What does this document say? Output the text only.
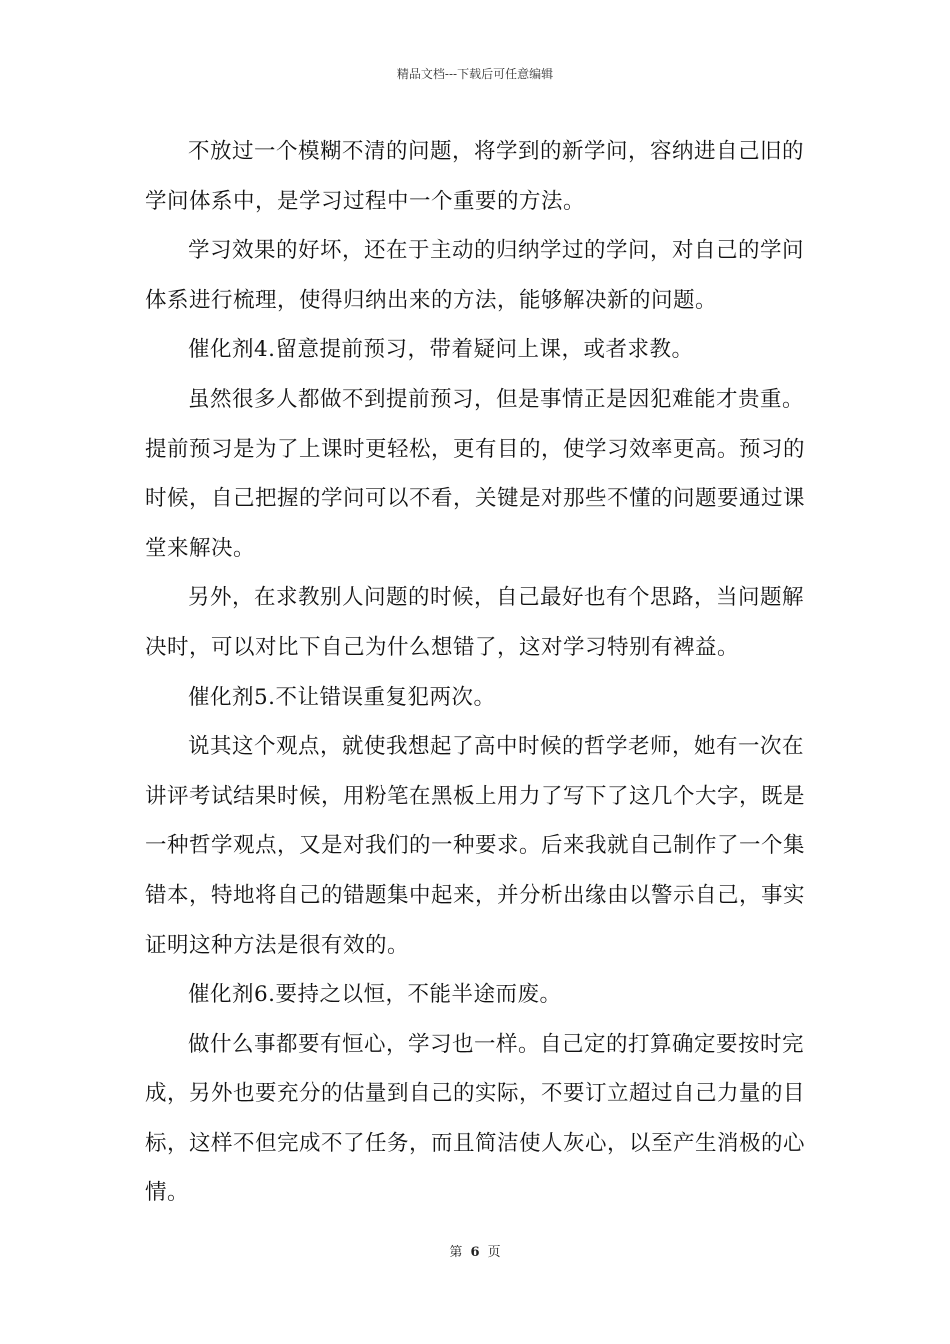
精品文档---下载后可任意编辑

不放过一个模糊不清的问题，将学到的新学问，容纳进自己旧的学问体系中，是学习过程中一个重要的方法。

学习效果的好坏，还在于主动的归纳学过的学问，对自己的学问体系进行梳理，使得归纳出来的方法，能够解决新的问题。

催化剂4.留意提前预习，带着疑问上课，或者求教。

虽然很多人都做不到提前预习，但是事情正是因犯难能才贵重。提前预习是为了上课时更轻松，更有目的，使学习效率更高。预习的时候，自己把握的学问可以不看，关键是对那些不懂的问题要通过课堂来解决。

另外，在求教别人问题的时候，自己最好也有个思路，当问题解决时，可以对比下自己为什么想错了，这对学习特别有裨益。

催化剂5.不让错误重复犯两次。

说其这个观点，就使我想起了高中时候的哲学老师，她有一次在讲评考试结果时候，用粉笔在黑板上用力了写下了这几个大字，既是一种哲学观点，又是对我们的一种要求。后来我就自己制作了一个集错本，特地将自己的错题集中起来，并分析出缘由以警示自己，事实证明这种方法是很有效的。

催化剂6.要持之以恒，不能半途而废。

做什么事都要有恒心，学习也一样。自己定的打算确定要按时完成，另外也要充分的估量到自己的实际，不要订立超过自己力量的目标，这样不但完成不了任务，而且简洁使人灰心，以至产生消极的心情。

第 6 页
